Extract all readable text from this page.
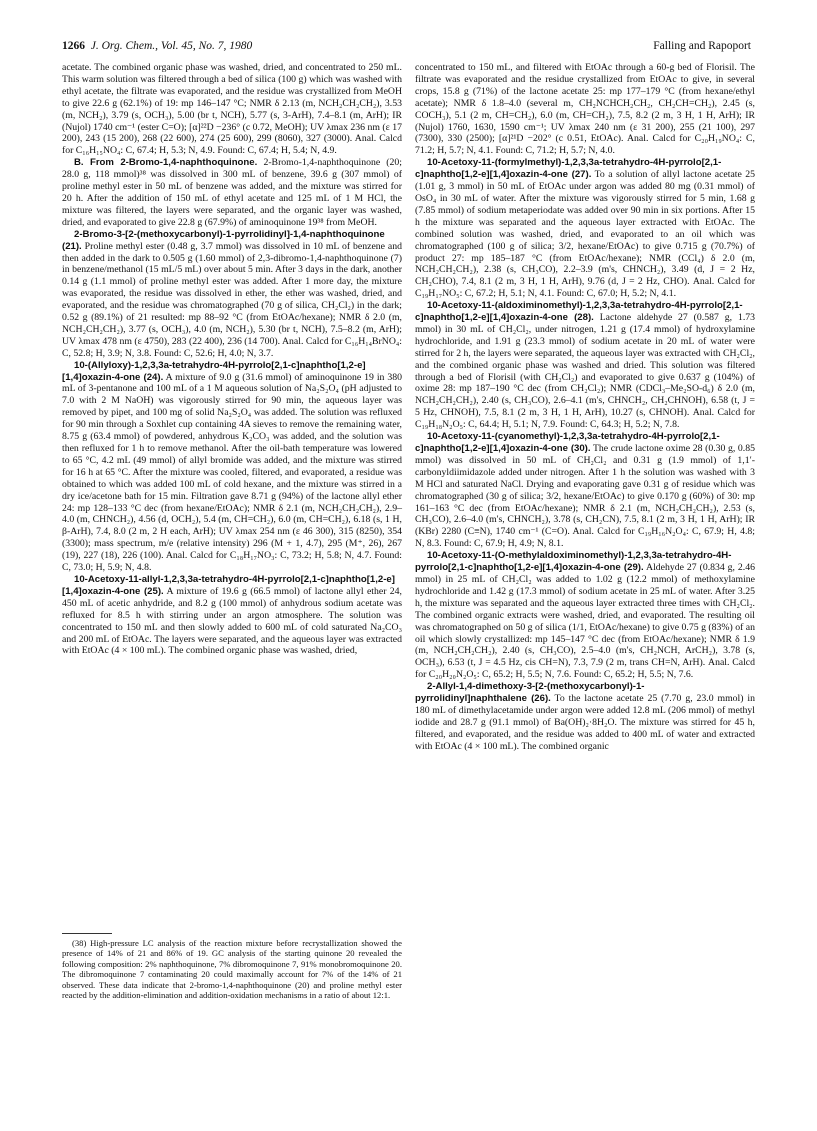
1266 J. Org. Chem., Vol. 45, No. 7, 1980	Falling and Rapoport

acetate. The combined organic phase was washed, dried, and concentrated to 250 mL. This warm solution was filtered through a bed of silica (100 g) which was washed with ethyl acetate, the filtrate was evaporated, and the residue was crystallized from MeOH to give 22.6 g (62.1%) of 19: mp 146–147 °C; NMR δ 2.13 (m, NCH₂CH₂CH₂), 3.53 (m, NCH₂), 3.79 (s, OCH₃), 5.00 (br t, NCH), 5.77 (s, 3-ArH), 7.4–8.1 (m, ArH); IR (Nujol) 1740 cm⁻¹ (ester C=O); [α]²²D −236° (c 0.72, MeOH); UV λmax 236 nm (ε 17 200), 243 (15 200), 268 (22 600), 274 (25 600), 299 (8060), 327 (3000). Anal. Calcd for C₁₆H₁₅NO₄: C, 67.4; H, 5.3; N, 4.9. Found: C, 67.4; H, 5.4; N, 4.9.

B. From 2-Bromo-1,4-naphthoquinone. 2-Bromo-1,4-naphthoquinone (20; 28.0 g, 118 mmol)³⁸ was dissolved in 300 mL of benzene, 39.6 g (307 mmol) of proline methyl ester in 50 mL of benzene was added, and the mixture was stirred for 20 h. After the addition of 150 mL of ethyl acetate and 125 mL of 1 M HCl, the mixture was filtered, the layers were separated, and the organic layer was washed, dried, and evaporated to give 22.8 g (67.9%) of aminoquinone 19³⁸ from MeOH.

2-Bromo-3-[2-(methoxycarbonyl)-1-pyrrolidinyl]-1,4-naphthoquinone (21). Proline methyl ester (0.48 g, 3.7 mmol) was dissolved in 10 mL of benzene and then added in the dark to 0.505 g (1.60 mmol) of 2,3-dibromo-1,4-naphthoquinone (7) in benzene/methanol (15 mL/5 mL) over about 5 min. After 3 days in the dark, another 0.14 g (1.1 mmol) of proline methyl ester was added. After 1 more day, the mixture was evaporated, the residue was dissolved in ether, the ether was washed, dried, and evaporated, and the residue was chromatographed (70 g of silica, CH₂Cl₂) in the dark; 0.52 g (89.1%) of 21 resulted: mp 88–92 °C (from EtOAc/hexane); NMR δ 2.0 (m, NCH₂CH₂CH₂), 3.77 (s, OCH₃), 4.0 (m, NCH₂), 5.30 (br t, NCH), 7.5–8.2 (m, ArH); UV λmax 478 nm (ε 4750), 283 (22 400), 236 (14 700). Anal. Calcd for C₁₆H₁₄BrNO₄: C, 52.8; H, 3.9; N, 3.8. Found: C, 52.6; H, 4.0; N, 3.7.

10-(Allyloxy)-1,2,3,3a-tetrahydro-4H-pyrrolo[2,1-c]naphtho[1,2-e][1,4]oxazin-4-one (24). A mixture of 9.0 g (31.6 mmol) of aminoquinone 19 in 380 mL of 3-pentanone and 100 mL of a 1 M aqueous solution of Na₂S₂O₄ (pH adjusted to 7.0 with 2 M NaOH) was vigorously stirred for 90 min, the aqueous layer was removed by pipet, and 100 mg of solid Na₂S₂O₄ was added. The solution was refluxed for 90 min through a Soxhlet cup containing 4A sieves to remove the remaining water, 8.75 g (63.4 mmol) of powdered, anhydrous K₂CO₃ was added, and the solution was then refluxed for 1 h to remove methanol. After the oil-bath temperature was lowered to 65 °C, 4.2 mL (49 mmol) of allyl bromide was added, and the mixture was stirred for 16 h at 65 °C. After the mixture was cooled, filtered, and evaporated, a residue was obtained to which was added 100 mL of cold hexane, and the mixture was stirred in a dry ice/acetone bath for 15 min. Filtration gave 8.71 g (94%) of the lactone allyl ether 24: mp 128–133 °C dec (from hexane/EtOAc); NMR δ 2.1 (m, NCH₂CH₂CH₂), 2.9–4.0 (m, CHNCH₂), 4.56 (d, OCH₂), 5.4 (m, CH=CH₂), 6.0 (m, CH=CH₂), 6.18 (s, 1 H, β-ArH), 7.4, 8.0 (2 m, 2 H each, ArH); UV λmax 254 nm (ε 46 300), 315 (8250), 354 (3300); mass spectrum, m/e (relative intensity) 296 (M + 1, 4.7), 295 (M⁺, 26), 267 (19), 227 (18), 226 (100). Anal. Calcd for C₁₈H₁₇NO₃: C, 73.2; H, 5.8; N, 4.7. Found: C, 73.0; H, 5.9; N, 4.8.

10-Acetoxy-11-allyl-1,2,3,3a-tetrahydro-4H-pyrrolo[2,1-c]naphtho[1,2-e][1,4]oxazin-4-one (25). A mixture of 19.6 g (66.5 mmol) of lactone allyl ether 24, 450 mL of acetic anhydride, and 8.2 g (100 mmol) of anhydrous sodium acetate was refluxed for 8.5 h with stirring under an argon atmosphere. The solution was concentrated to 150 mL and then slowly added to 600 mL of cold saturated Na₂CO₃ and 200 mL of EtOAc. The layers were separated, and the aqueous layer was extracted with EtOAc (4 × 100 mL). The combined organic phase was washed, dried,

(38) High-pressure LC analysis of the reaction mixture before recrystallization showed the presence of 14% of 21 and 86% of 19. GC analysis of the starting quinone 20 revealed the following composition: 2% naphthoquinone, 7% dibromoquinone 7, 91% monobromoquinone 20. The dibromoquinone 7 contaminating 20 could maximally account for 7% of the 14% of 21 observed. These data indicate that 2-bromo-1,4-naphthoquinone (20) and proline methyl ester reacted by the addition-elimination and addition-oxidation mechanisms in a ratio of about 12:1.

concentrated to 150 mL, and filtered with EtOAc through a 60-g bed of Florisil. The filtrate was evaporated and the residue crystallized from EtOAc to give, in several crops, 15.8 g (71%) of the lactone acetate 25: mp 177–179 °C (from hexane/ethyl acetate); NMR δ 1.8–4.0 (several m, CH₂NCHCH₂CH₂, CH₂CH=CH₂), 2.45 (s, COCH₃), 5.1 (2 m, CH=CH₂), 6.0 (m, CH=CH₂), 7.5, 8.2 (2 m, 3 H, 1 H, ArH); IR (Nujol) 1760, 1630, 1590 cm⁻¹; UV λmax 240 nm (ε 31 200), 255 (21 100), 297 (7300), 330 (2500); [α]²¹D −202° (c 0.51, EtOAc). Anal. Calcd for C₂₀H₁₉NO₄: C, 71.2; H, 5.7; N, 4.1. Found: C, 71.2; H, 5.7; N, 4.0.

10-Acetoxy-11-(formylmethyl)-1,2,3,3a-tetrahydro-4H-pyrrolo[2,1-c]naphtho[1,2-e][1,4]oxazin-4-one (27). To a solution of allyl lactone acetate 25 (1.01 g, 3 mmol) in 50 mL of EtOAc under argon was added 80 mg (0.31 mmol) of OsO₄ in 30 mL of water. After the mixture was vigorously stirred for 5 min, 1.68 g (7.85 mmol) of sodium metaperiodate was added over 90 min in six portions. After 15 h the mixture was separated and the aqueous layer extracted with EtOAc. The combined solution was washed, dried, and evaporated to an oil which was chromatographed (100 g of silica; 3/2, hexane/EtOAc) to give 0.715 g (70.7%) of product 27: mp 185–187 °C (from EtOAc/hexane); NMR (CCl₄) δ 2.0 (m, NCH₂CH₂CH₂), 2.38 (s, CH₃CO), 2.2–3.9 (m's, CHNCH₂), 3.49 (d, J = 2 Hz, CH₂CHO), 7.4, 8.1 (2 m, 3 H, 1 H, ArH), 9.76 (d, J = 2 Hz, CHO). Anal. Calcd for C₁₉H₁₇NO₅: C, 67.2; H, 5.1; N, 4.1. Found: C, 67.0; H, 5.2; N, 4.1.

10-Acetoxy-11-(aldoximinomethyl)-1,2,3,3a-tetrahydro-4H-pyrrolo[2,1-c]naphtho[1,2-e][1,4]oxazin-4-one (28). Lactone aldehyde 27 (0.587 g, 1.73 mmol) in 30 mL of CH₂Cl₂, under nitrogen, 1.21 g (17.4 mmol) of hydroxylamine hydrochloride, and 1.91 g (23.3 mmol) of sodium acetate in 20 mL of water were stirred for 2 h, the layers were separated, the aqueous layer was extracted with CH₂Cl₂, and the combined organic phase was washed and dried. This solution was filtered through a bed of Florisil (with CH₂Cl₂) and evaporated to give 0.637 g (104%) of oxime 28: mp 187–190 °C dec (from CH₂Cl₂); NMR (CDCl₃–Me₂SO-d₆) δ 2.0 (m, NCH₂CH₂CH₂), 2.40 (s, CH₃CO), 2.6–4.1 (m's, CHNCH₂, CH₂CHNOH), 6.58 (t, J = 5 Hz, CHNOH), 7.5, 8.1 (2 m, 3 H, 1 H, ArH), 10.27 (s, CHNOH). Anal. Calcd for C₁₉H₁₈N₂O₅: C, 64.4; H, 5.1; N, 7.9. Found: C, 64.3; H, 5.2; N, 7.8.

10-Acetoxy-11-(cyanomethyl)-1,2,3,3a-tetrahydro-4H-pyrrolo[2,1-c]naphtho[1,2-e][1,4]oxazin-4-one (30). The crude lactone oxime 28 (0.30 g, 0.85 mmol) was dissolved in 50 mL of CH₂Cl₂ and 0.31 g (1.9 mmol) of 1,1′-carbonyldiimidazole added under nitrogen. After 1 h the solution was washed with 3 M HCl and saturated NaCl. Drying and evaporating gave 0.31 g of residue which was chromatographed (30 g of silica; 3/2, hexane/EtOAc) to give 0.170 g (60%) of 30: mp 161–163 °C dec (from EtOAc/hexane); NMR δ 2.1 (m, NCH₂CH₂CH₂), 2.53 (s, CH₃CO), 2.6–4.0 (m's, CHNCH₂), 3.78 (s, CH₂CN), 7.5, 8.1 (2 m, 3 H, 1 H, ArH); IR (KBr) 2280 (C≡N), 1740 cm⁻¹ (C=O). Anal. Calcd for C₁₉H₁₆N₂O₄: C, 67.9; H, 4.8; N, 8.3. Found: C, 67.9; H, 4.9; N, 8.1.

10-Acetoxy-11-(O-methylaldoximinomethyl)-1,2,3,3a-tetrahydro-4H-pyrrolo[2,1-c]naphtho[1,2-e][1,4]oxazin-4-one (29). Aldehyde 27 (0.834 g, 2.46 mmol) in 25 mL of CH₂Cl₂ was added to 1.02 g (12.2 mmol) of methoxylamine hydrochloride and 1.42 g (17.3 mmol) of sodium acetate in 25 mL of water. After 3.25 h, the mixture was separated and the aqueous layer extracted three times with CH₂Cl₂. The combined organic extracts were washed, dried, and evaporated. The resulting oil was chromatographed on 50 g of silica (1/1, EtOAc/hexane) to give 0.75 g (83%) of an oil which slowly crystallized: mp 145–147 °C dec (from EtOAc/hexane); NMR δ 1.9 (m, NCH₂CH₂CH₂), 2.40 (s, CH₃CO), 2.5–4.0 (m's, CH₂NCH, ArCH₂), 3.78 (s, OCH₃), 6.53 (t, J = 4.5 Hz, cis CH=N), 7.3, 7.9 (2 m, trans CH=N, ArH). Anal. Calcd for C₂₀H₂₀N₂O₅: C, 65.2; H, 5.5; N, 7.6. Found: C, 65.2; H, 5.5; N, 7.6.

2-Allyl-1,4-dimethoxy-3-[2-(methoxycarbonyl)-1-pyrrolidinyl]naphthalene (26). To the lactone acetate 25 (7.70 g, 23.0 mmol) in 180 mL of dimethylacetamide under argon were added 12.8 mL (206 mmol) of methyl iodide and 28.7 g (91.1 mmol) of Ba(OH)₂·8H₂O. The mixture was stirred for 45 h, filtered, and evaporated, and the residue was added to 400 mL of water and extracted with EtOAc (4 × 100 mL). The combined organic
